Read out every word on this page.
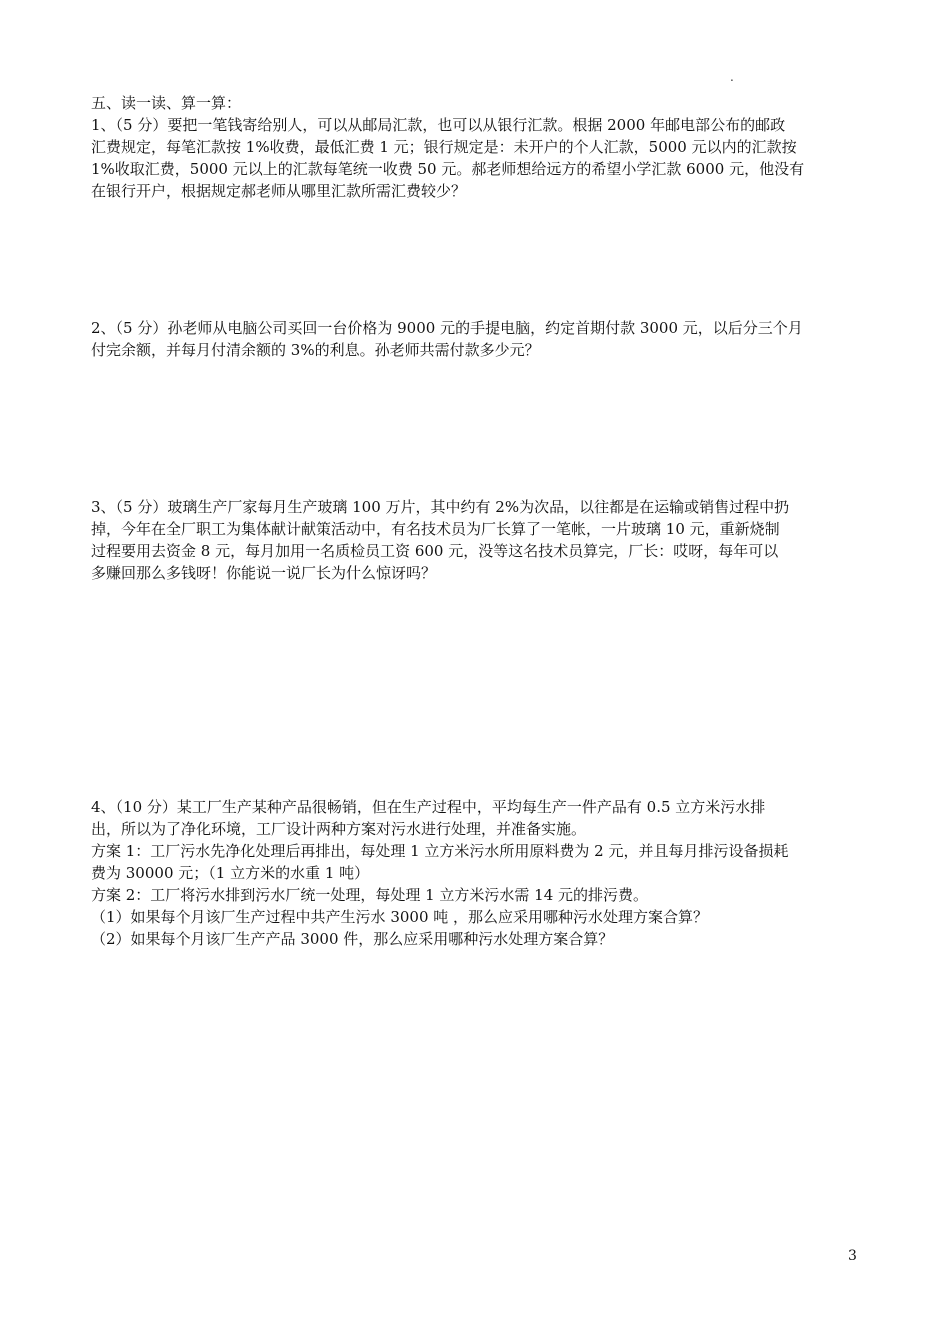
.
五、读一读、算一算：
1、（5 分）要把一笔钱寄给别人，可以从邮局汇款，也可以从银行汇款。根据 2000 年邮电部公布的邮政
汇费规定，每笔汇款按 1%收费，最低汇费 1 元；银行规定是：未开户的个人汇款，5000 元以内的汇款按
1%收取汇费，5000 元以上的汇款每笔统一收费 50 元。郝老师想给远方的希望小学汇款 6000 元，他没有
在银行开户，根据规定郝老师从哪里汇款所需汇费较少？
2、（5 分）孙老师从电脑公司买回一台价格为 9000 元的手提电脑，约定首期付款 3000 元，以后分三个月
付完余额，并每月付清余额的 3%的利息。孙老师共需付款多少元？
3、（5 分）玻璃生产厂家每月生产玻璃 100 万片，其中约有 2%为次品，以往都是在运输或销售过程中扔
掉，今年在全厂职工为集体献计献策活动中，有名技术员为厂长算了一笔帐，一片玻璃 10 元，重新烧制
过程要用去资金 8 元，每月加用一名质检员工资 600 元，没等这名技术员算完，厂长：哎呀，每年可以
多赚回那么多钱呀！你能说一说厂长为什么惊讶吗？
4、（10 分）某工厂生产某种产品很畅销，但在生产过程中，平均每生产一件产品有 0.5 立方米污水排
出，所以为了净化环境，工厂设计两种方案对污水进行处理，并准备实施。
方案 1：工厂污水先净化处理后再排出，每处理 1 立方米污水所用原料费为 2 元，并且每月排污设备损耗
费为 30000 元；（1 立方米的水重 1 吨）
方案 2：工厂将污水排到污水厂统一处理，每处理 1 立方米污水需 14 元的排污费。
（1）如果每个月该厂生产过程中共产生污水 3000 吨 ，那么应采用哪种污水处理方案合算？
（2）如果每个月该厂生产产品 3000 件，那么应采用哪种污水处理方案合算？
3
